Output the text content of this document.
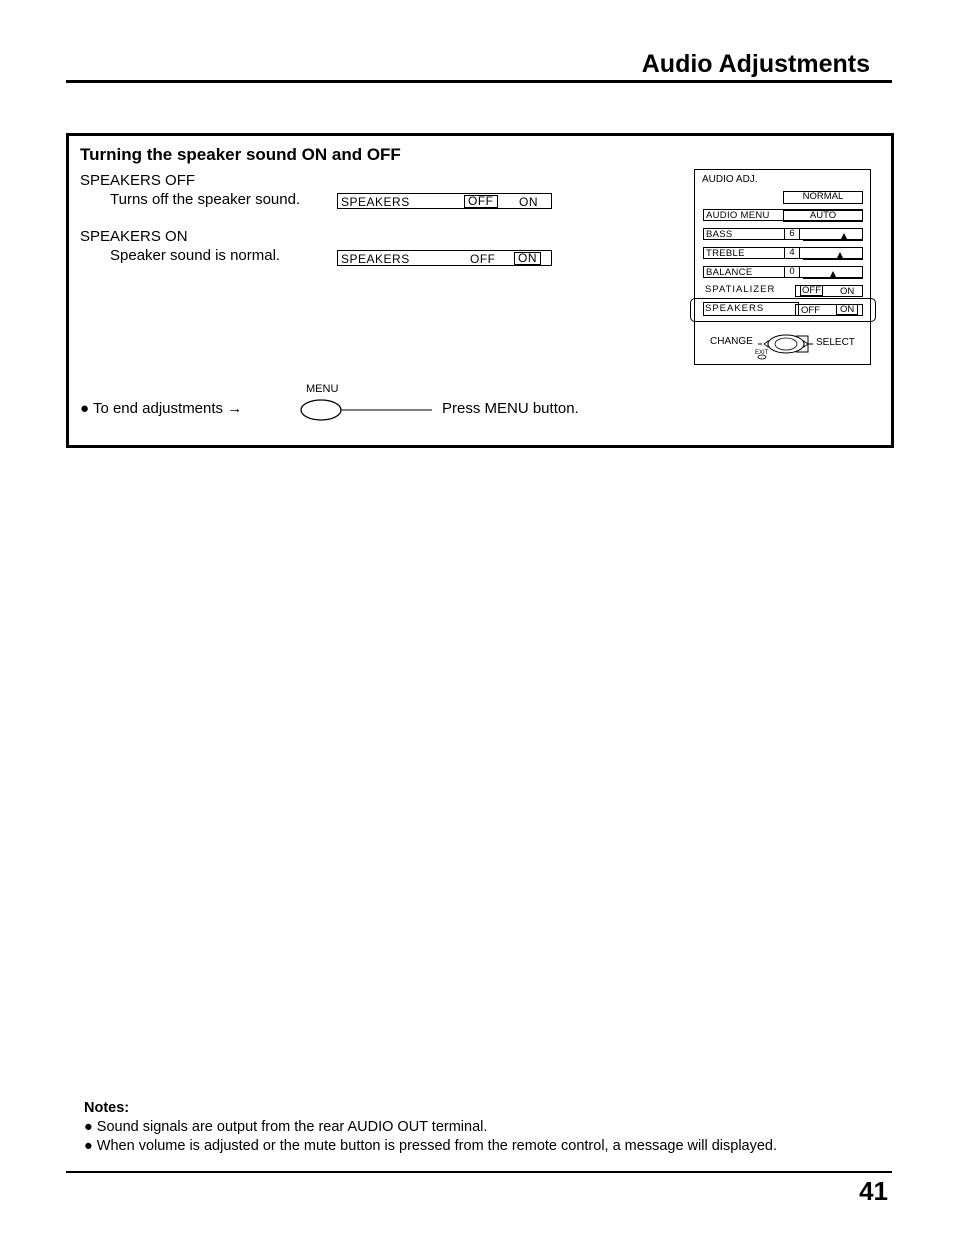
Audio Adjustments
Turning the speaker sound ON and OFF
SPEAKERS OFF
Turns off the speaker sound.
SPEAKERS ON
Speaker sound is normal.
SPEAKERS	OFF	ON
SPEAKERS	OFF	ON
● To end adjustments →
MENU
Press MENU button.
AUDIO ADJ.
NORMAL
AUDIO MENU	AUTO
BASS	6
TREBLE	4
BALANCE	0
SPATIALIZER	OFF ON
SPEAKERS	OFF	ON
CHANGE
EXIT
SELECT
Notes:
● Sound signals are output from the rear AUDIO OUT terminal.
● When volume is adjusted or the mute button is pressed from the remote control, a message will displayed.
41
